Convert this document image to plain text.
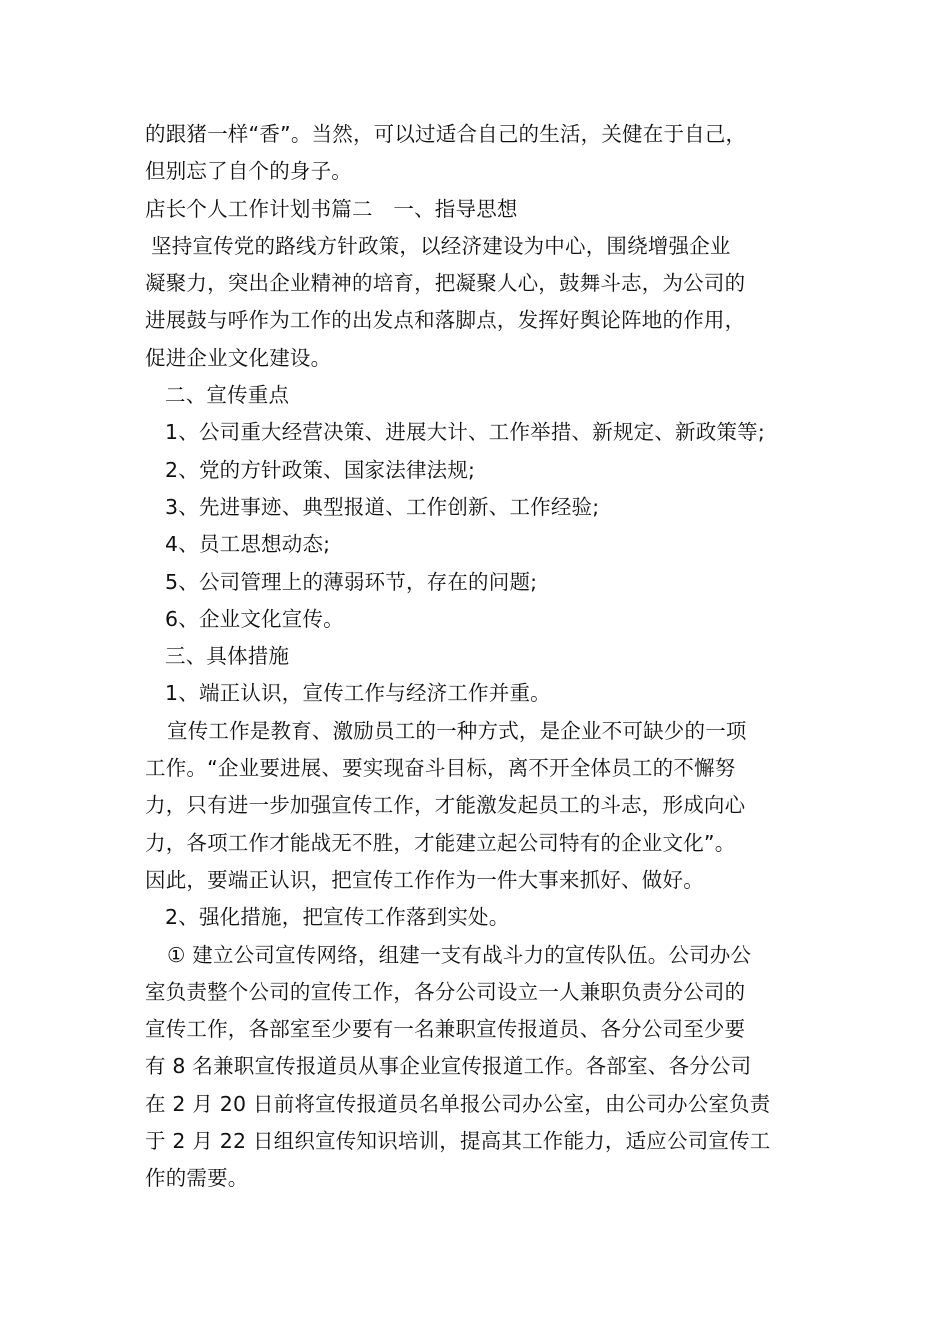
的跟猪一样“香”。当然，可以过适合自己的生活，关健在于自己，
但别忘了自个的身子。
店长个人工作计划书篇二　一、指导思想
坚持宣传党的路线方针政策，以经济建设为中心，围绕增强企业
凝聚力，突出企业精神的培育，把凝聚人心，鼓舞斗志，为公司的
进展鼓与呼作为工作的出发点和落脚点，发挥好舆论阵地的作用，
促进企业文化建设。
二、宣传重点
1、公司重大经营决策、进展大计、工作举措、新规定、新政策等;
2、党的方针政策、国家法律法规;
3、先进事迹、典型报道、工作创新、工作经验;
4、员工思想动态;
5、公司管理上的薄弱环节，存在的问题;
6、企业文化宣传。
三、具体措施
1、端正认识，宣传工作与经济工作并重。
宣传工作是教育、激励员工的一种方式，是企业不可缺少的一项
工作。“企业要进展、要实现奋斗目标，离不开全体员工的不懈努
力，只有进一步加强宣传工作，才能激发起员工的斗志，形成向心
力，各项工作才能战无不胜，才能建立起公司特有的企业文化”。
因此，要端正认识，把宣传工作作为一件大事来抓好、做好。
2、强化措施，把宣传工作落到实处。
① 建立公司宣传网络，组建一支有战斗力的宣传队伍。公司办公
室负责整个公司的宣传工作，各分公司设立一人兼职负责分公司的
宣传工作，各部室至少要有一名兼职宣传报道员、各分公司至少要
有 8 名兼职宣传报道员从事企业宣传报道工作。各部室、各分公司
在 2 月 20 日前将宣传报道员名单报公司办公室，由公司办公室负责
于 2 月 22 日组织宣传知识培训，提高其工作能力，适应公司宣传工
作的需要。
